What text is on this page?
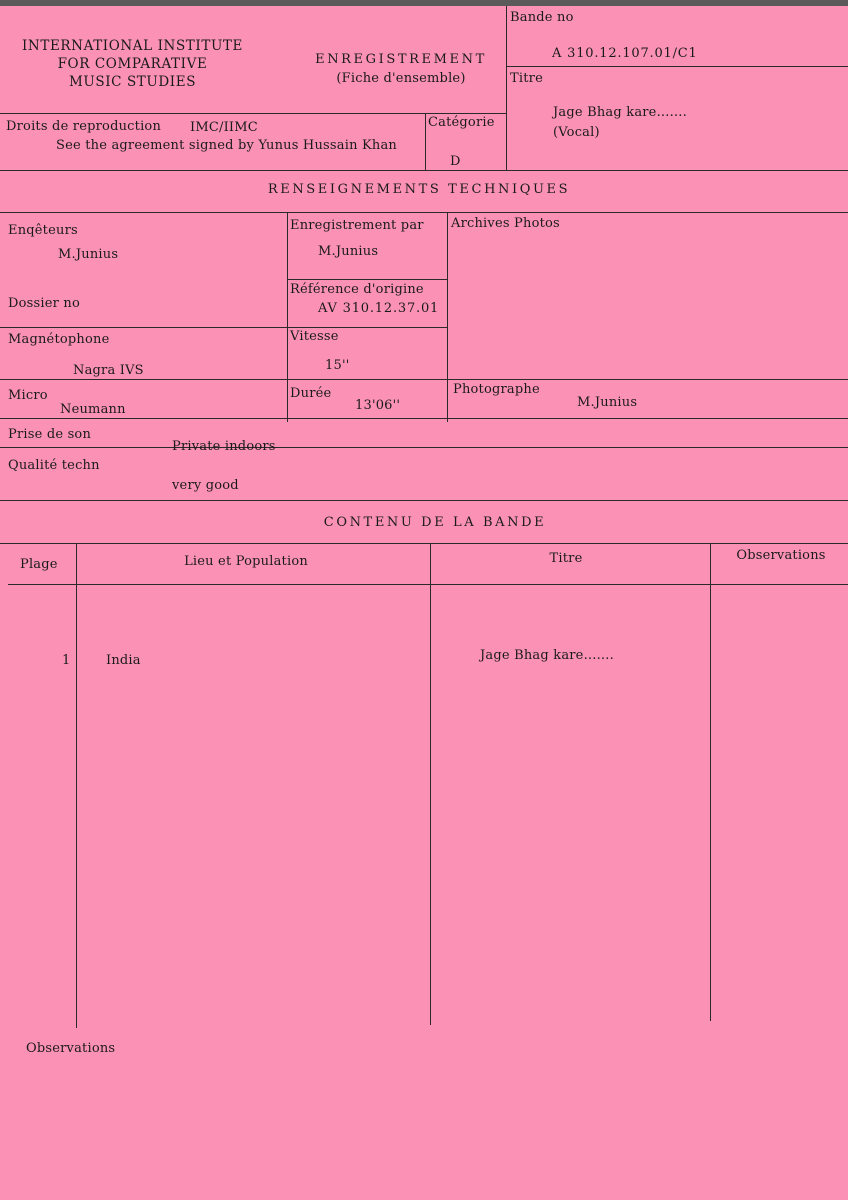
INTERNATIONAL INSTITUTE
FOR COMPARATIVE
MUSIC STUDIES
ENREGISTREMENT
(Fiche d'ensemble)
Bande no
A 310.12.107.01/C1
Titre
Jage Bhag kare.......
(Vocal)
Droits de reproduction IMC/IIMC
See the agreement signed by Yunus Hussain Khan
Catégorie
D
RENSEIGNEMENTS TECHNIQUES
Enqêteurs
M.Junius
Enregistrement par
M.Junius
Archives Photos
Dossier no
Référence d'origine
AV 310.12.37.01
Magnétophone
Nagra IVS
Vitesse
15''
Micro
Neumann
Durée
13'06''
Photographe
M.Junius
Prise de son
Private indoors
Qualité techn
very good
CONTENU DE LA BANDE
Plage	Lieu et Population	Titre	Observations
1	India	Jage Bhag kare.......
Observations
